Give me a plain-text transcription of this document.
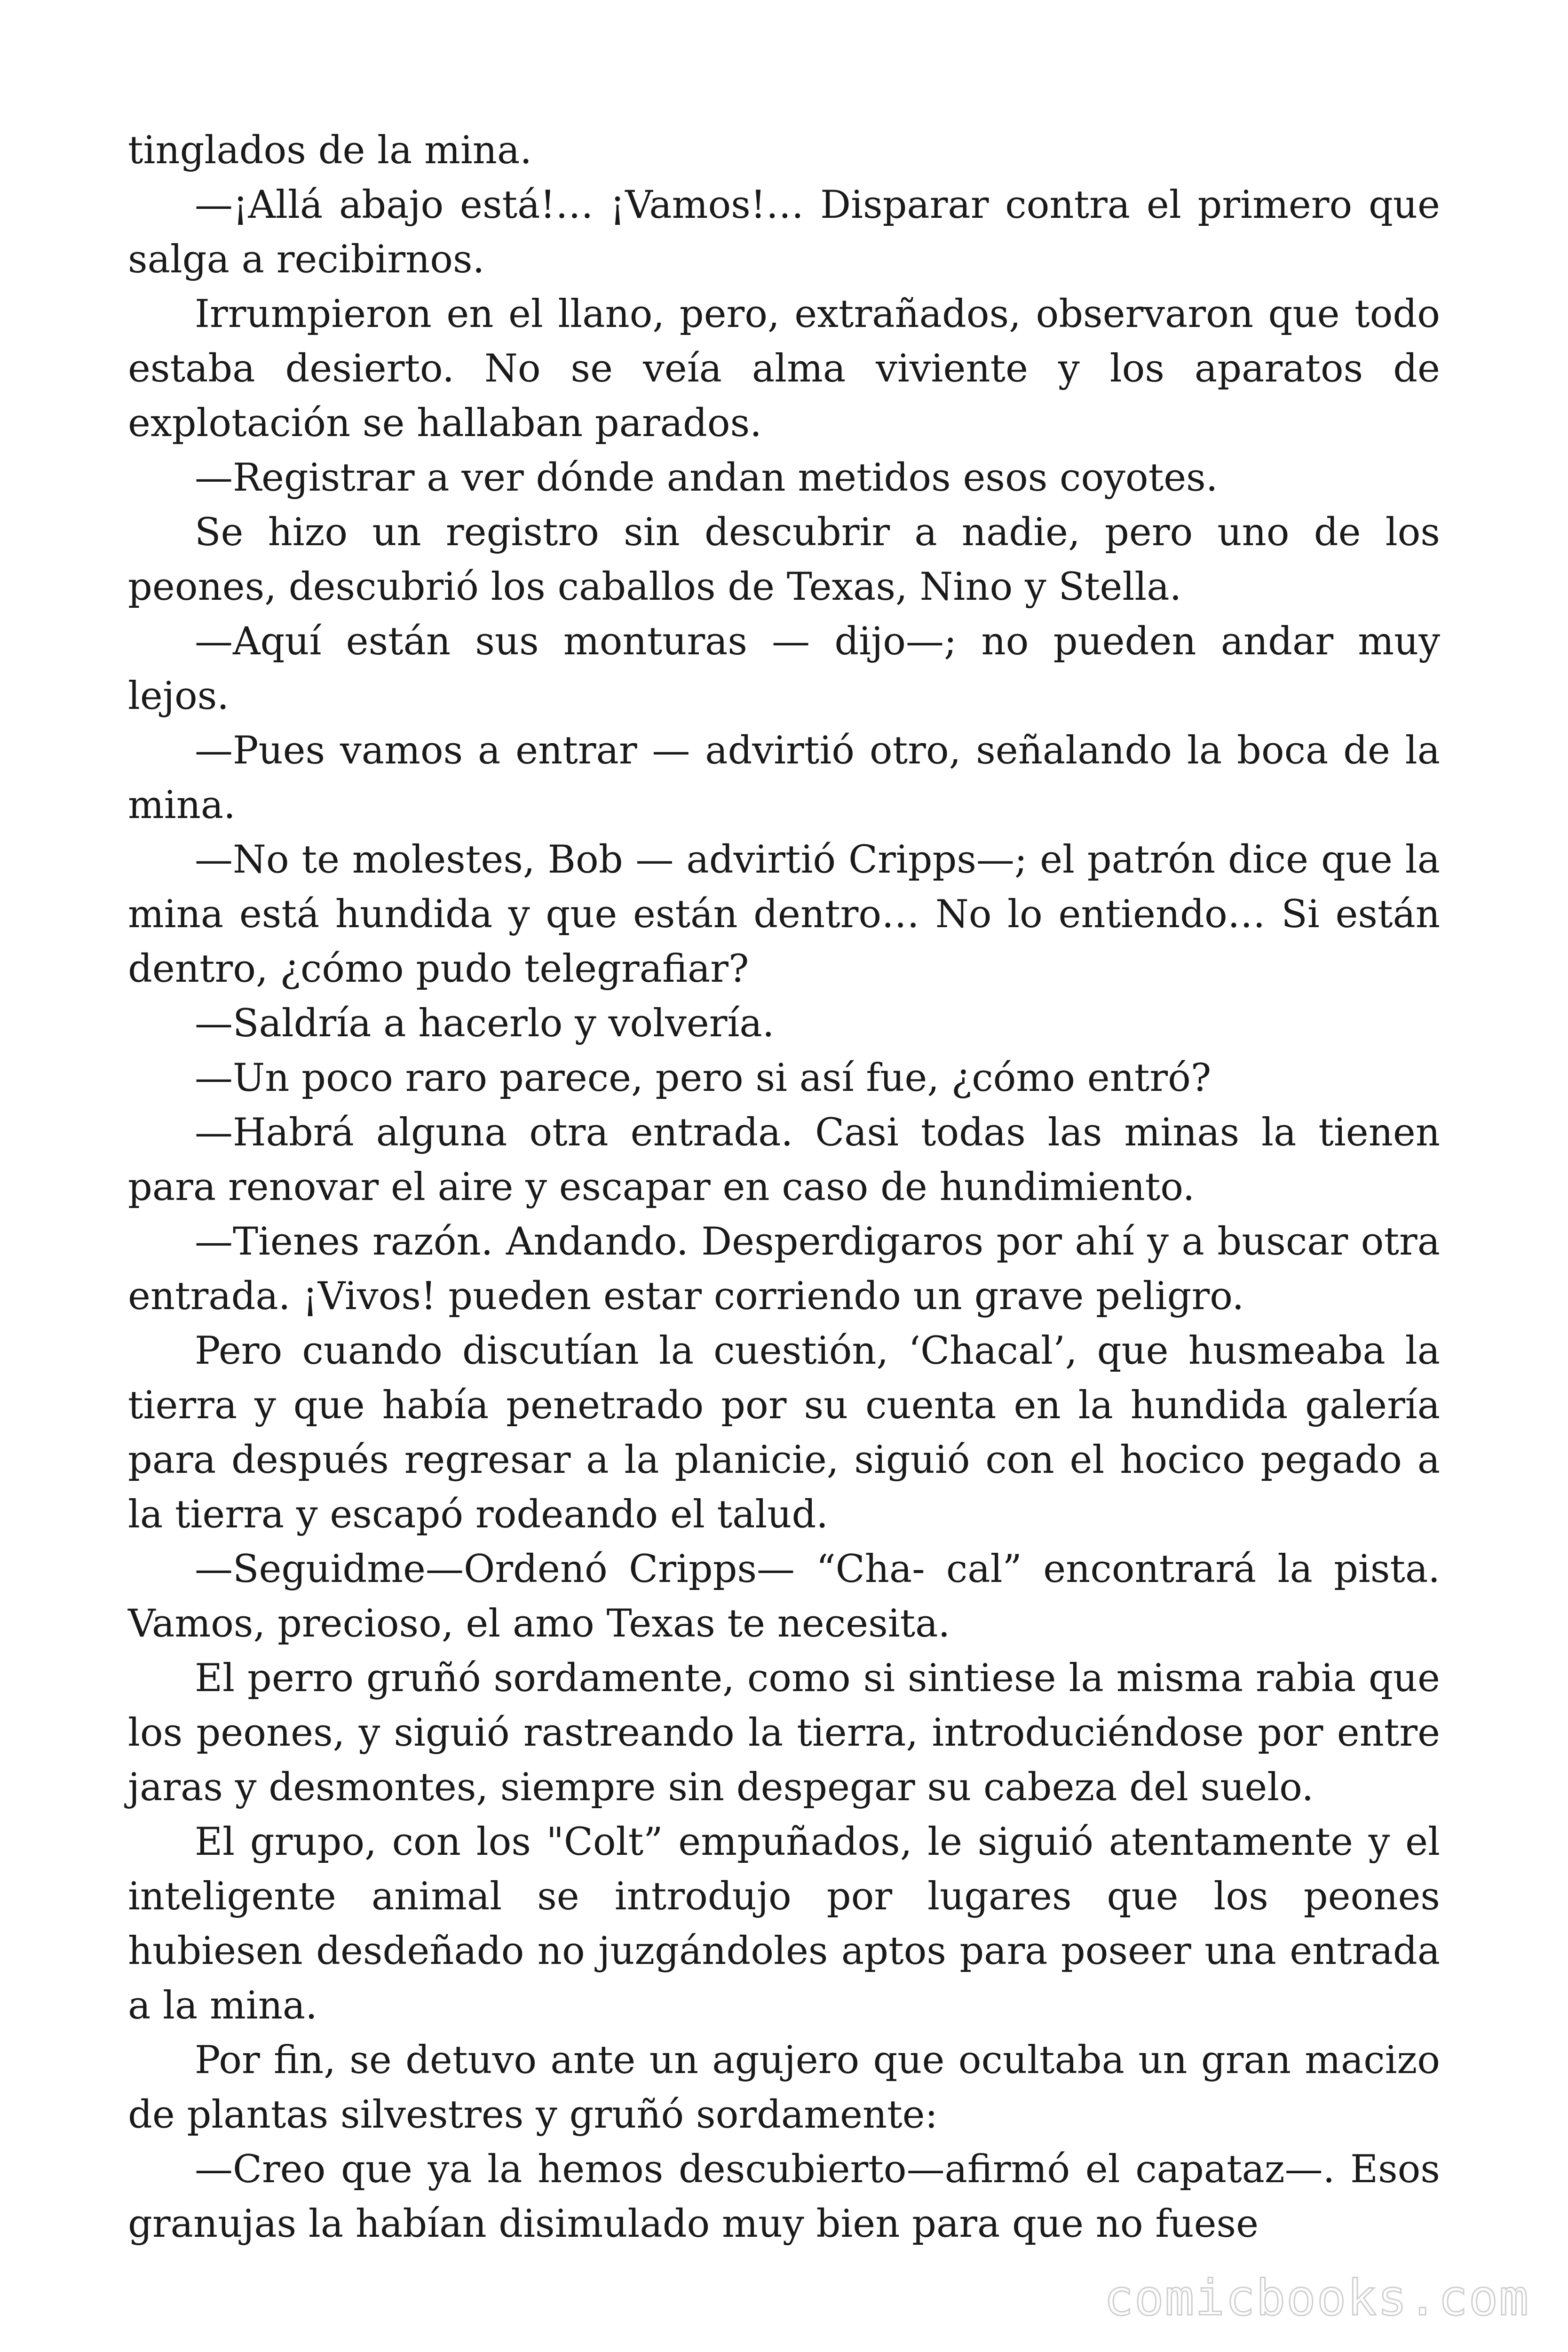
tinglados de la mina.

—¡Allá abajo está!… ¡Vamos!… Disparar contra el primero que salga a recibirnos.

Irrumpieron en el llano, pero, extrañados, observaron que todo estaba desierto. No se veía alma viviente y los aparatos de explotación se hallaban parados.

—Registrar a ver dónde andan metidos esos coyotes.

Se hizo un registro sin descubrir a nadie, pero uno de los peones, descubrió los caballos de Texas, Nino y Stella.

—Aquí están sus monturas — dijo—; no pueden andar muy lejos.

—Pues vamos a entrar — advirtió otro, señalando la boca de la mina.

—No te molestes, Bob — advirtió Cripps—; el patrón dice que la mina está hundida y que están dentro… No lo entiendo… Si están dentro, ¿cómo pudo telegrafiar?

—Saldría a hacerlo y volvería.

—Un poco raro parece, pero si así fue, ¿cómo entró?

—Habrá alguna otra entrada. Casi todas las minas la tienen para renovar el aire y escapar en caso de hundimiento.

—Tienes razón. Andando. Desperdigaros por ahí y a buscar otra entrada. ¡Vivos! pueden estar corriendo un grave peligro.

Pero cuando discutían la cuestión, ‘Chacal’, que husmeaba la tierra y que había penetrado por su cuenta en la hundida galería para después regresar a la planicie, siguió con el hocico pegado a la tierra y escapó rodeando el talud.

—Seguidme—Ordenó Cripps— “Cha- cal” encontrará la pista. Vamos, precioso, el amo Texas te necesita.

El perro gruñó sordamente, como si sintiese la misma rabia que los peones, y siguió rastreando la tierra, introduciéndose por entre jaras y desmontes, siempre sin despegar su cabeza del suelo.

El grupo, con los "Colt” empuñados, le siguió atentamente y el inteligente animal se introdujo por lugares que los peones hubiesen desdeñado no juzgándoles aptos para poseer una entrada a la mina.

Por fin, se detuvo ante un agujero que ocultaba un gran macizo de plantas silvestres y gruñó sordamente:

—Creo que ya la hemos descubierto—afirmó el capataz—. Esos granujas la habían disimulado muy bien para que no fuese

comicbooks.com
